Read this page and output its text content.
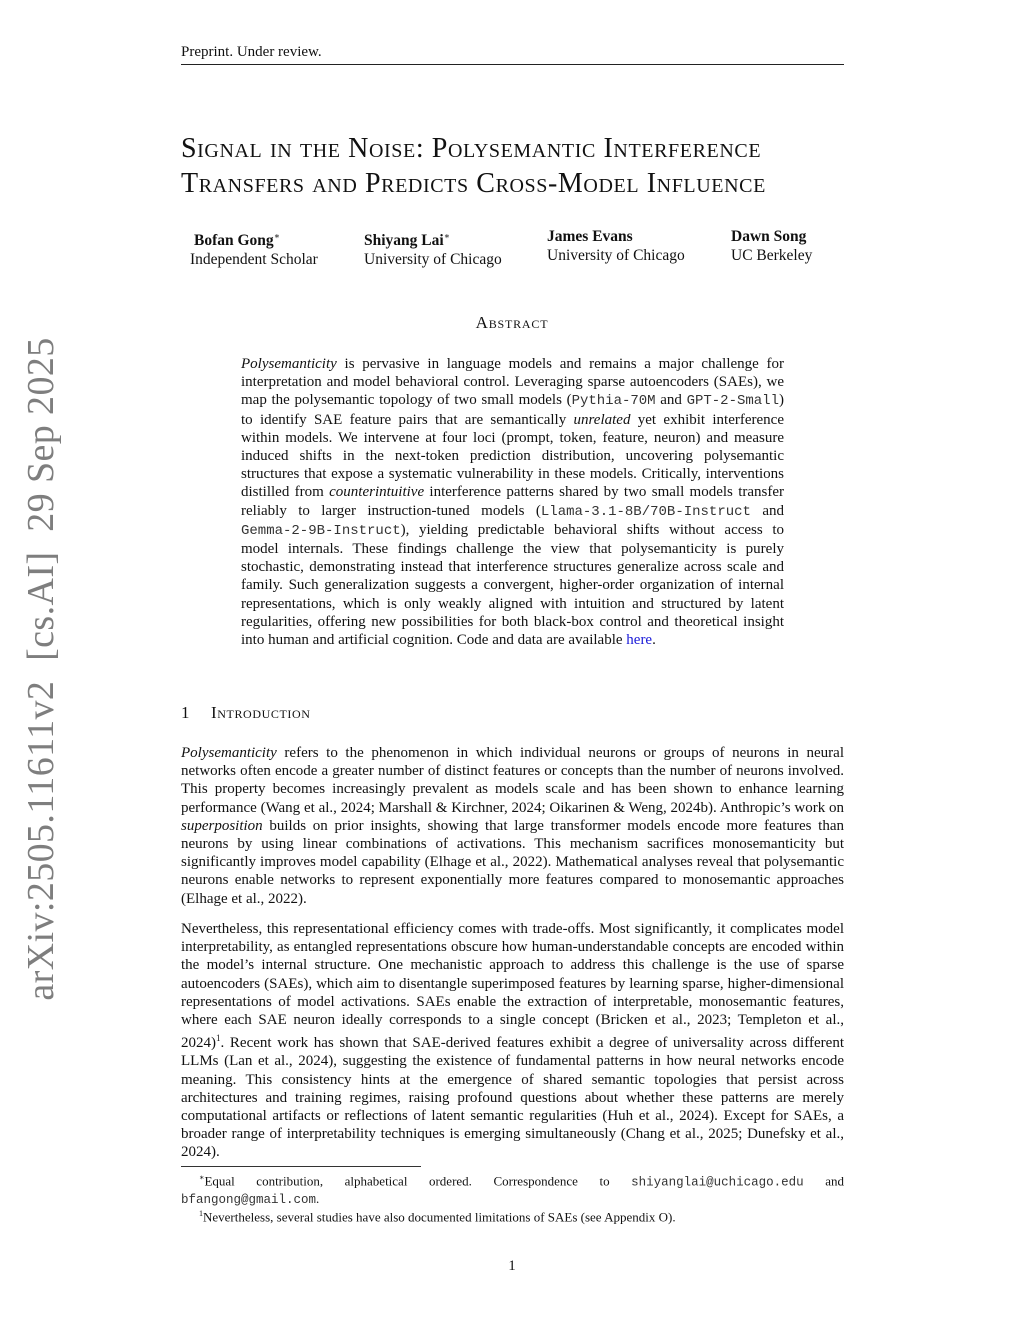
Preprint. Under review.
Signal in the Noise: Polysemantic Interference
Transfers and Predicts Cross-Model Influence
Bofan Gong∗
Independent Scholar
Shiyang Lai∗
University of Chicago
James Evans
University of Chicago
Dawn Song
UC Berkeley
Abstract
Polysemanticity is pervasive in language models and remains a major challenge for interpretation and model behavioral control. Leveraging sparse autoencoders (SAEs), we map the polysemantic topology of two small models (Pythia-70M and GPT-2-Small) to identify SAE feature pairs that are semantically unrelated yet exhibit interference within models. We intervene at four loci (prompt, token, feature, neuron) and measure induced shifts in the next-token prediction distribution, uncovering polysemantic structures that expose a systematic vulnerability in these models. Critically, interventions distilled from counterintuitive interference patterns shared by two small models transfer reliably to larger instruction-tuned models (Llama-3.1-8B/70B-Instruct and Gemma-2-9B-Instruct), yielding predictable behavioral shifts without access to model internals. These findings challenge the view that polysemanticity is purely stochastic, demonstrating instead that interference structures generalize across scale and family. Such generalization suggests a convergent, higher-order organization of internal representations, which is only weakly aligned with intuition and structured by latent regularities, offering new possibilities for both black-box control and theoretical insight into human and artificial cognition. Code and data are available here.
1 Introduction
Polysemanticity refers to the phenomenon in which individual neurons or groups of neurons in neural networks often encode a greater number of distinct features or concepts than the number of neurons involved. This property becomes increasingly prevalent as models scale and has been shown to enhance learning performance (Wang et al., 2024; Marshall & Kirchner, 2024; Oikarinen & Weng, 2024b). Anthropic’s work on superposition builds on prior insights, showing that large transformer models encode more features than neurons by using linear combinations of activations. This mechanism sacrifices monosemanticity but significantly improves model capability (Elhage et al., 2022). Mathematical analyses reveal that polysemantic neurons enable networks to represent exponentially more features compared to monosemantic approaches (Elhage et al., 2022).
Nevertheless, this representational efficiency comes with trade-offs. Most significantly, it complicates model interpretability, as entangled representations obscure how human-understandable concepts are encoded within the model’s internal structure. One mechanistic approach to address this challenge is the use of sparse autoencoders (SAEs), which aim to disentangle superimposed features by learning sparse, higher-dimensional representations of model activations. SAEs enable the extraction of interpretable, monosemantic features, where each SAE neuron ideally corresponds to a single concept (Bricken et al., 2023; Templeton et al., 2024)$^1$. Recent work has shown that SAE-derived features exhibit a degree of universality across different LLMs (Lan et al., 2024), suggesting the existence of fundamental patterns in how neural networks encode meaning. This consistency hints at the emergence of shared semantic topologies that persist across architectures and training regimes, raising profound questions about whether these patterns are merely computational artifacts or reflections of latent semantic regularities (Huh et al., 2024). Except for SAEs, a broader range of interpretability techniques is emerging simultaneously (Chang et al., 2025; Dunefsky et al., 2024).
∗Equal contribution, alphabetical ordered. Correspondence to shiyanglai@uchicago.edu and bfangong@gmail.com.
$^1$Nevertheless, several studies have also documented limitations of SAEs (see Appendix O).
1
arXiv:2505.11611v2  [cs.AI]  29 Sep 2025
